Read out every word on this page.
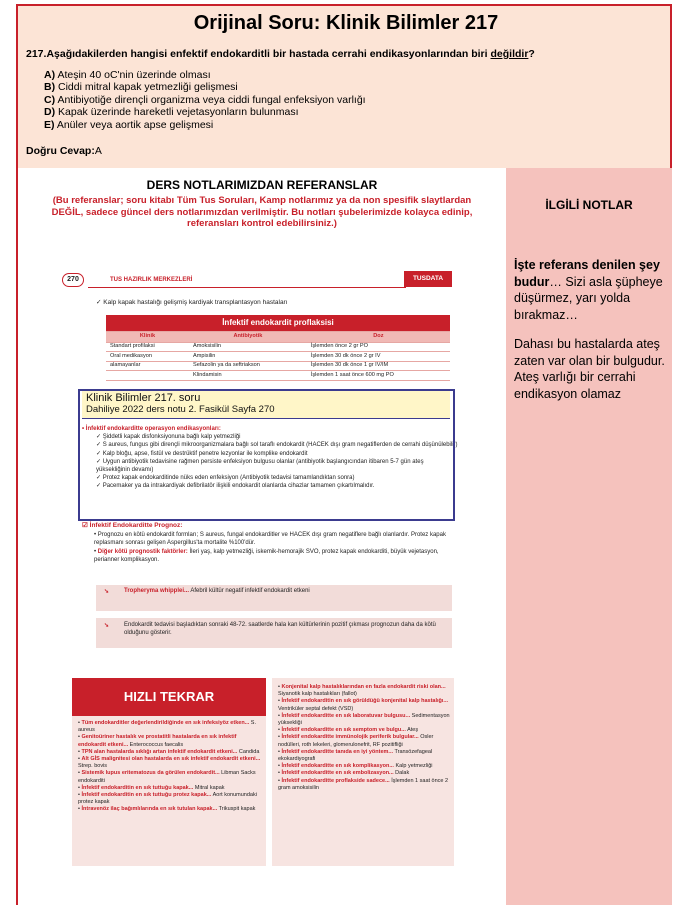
Orijinal Soru: Klinik Bilimler 217
217.Aşağıdakilerden hangisi enfektif endokarditli bir hastada cerrahi endikasyonlarından biri değildir?
A) Ateşin 40 oC'nin üzerinde olması
B) Ciddi mitral kapak yetmezliği gelişmesi
C) Antibiyotiğe dirençli organizma veya ciddi fungal enfeksiyon varlığı
D) Kapak üzerinde hareketli vejetasyonların bulunması
E) Anüler veya aortik apse gelişmesi
Doğru Cevap:A
DERS NOTLARIMIZDAN REFERANSLAR
(Bu referanslar; soru kitabı Tüm Tus Soruları, Kamp notlarımız ya da non spesifik slaytlardan DEĞİL, sadece güncel ders notlarımızdan verilmiştir. Bu notları şubelerimizde kolayca edinip, referansları kontrol edebilirsiniz.)
İLGİLİ NOTLAR
İşte referans denilen şey budur… Sizi asla şüpheye düşürmez, yarı yolda bırakmaz…
Dahası bu hastalarda ateş zaten var olan bir bulgudur. Ateş varlığı bir cerrahi endikasyon olamaz
270	TUS HAZIRLIK MERKEZLERİ	TUSDATA
✓ Kalp kapak hastalığı gelişmiş kardiyak transplantasyon hastaları
İnfektif endokardit proflaksisi		
Klinik	Antibiyotik	Doz
Standart profilaksi	Amoksisilin	İşlemden önce 2 gr PO
Oral medikasyon	Ampisilin	İşlemden 30 dk önce 2 gr IV
alamayanlar	Sefazolin ya da seftriakson	İşlemden 30 dk önce 1 gr IV/IM
	Klindamisin	İşlemden 1 saat önce 600 mg PO
• İnfektif endokarditte operasyon endikasyonları:
✓ Şiddetli kapak disfonksiyonuna bağlı kalp yetmezliği
✓ S aureus, fungus gibi dirençli mikroorganizmalara bağlı sol taraflı endokardit (HACEK dışı gram negatiflerden de cerrahi düşünülebilir)
✓ Kalp bloğu, apse, fistül ve destrüktif penetre lezyonlar ile komplike endokardit
✓ Uygun antibiyotik tedavisine rağmen persiste enfeksiyon bulgusu olanlar (antibiyotik başlangıcından itibaren 5-7 gün ateş yüksekliğinin devamı)
✓ Protez kapak endokarditinde nüks eden enfeksiyon (Antibiyotik tedavisi tamamlandıktan sonra)
✓ Pacemaker ya da intrakardiyak defibrilatör ilişkili endokardit olanlarda cihazlar tamamen çıkartılmalıdır.
☑ İnfektif Endokarditte Prognoz:
• Prognozu en kötü endokardit formları; S aureus, fungal endokarditler ve HACEK dışı gram negatiflere bağlı olanlardır. Protez kapak replasmanı sonrası gelişen Aspergillus'ta mortalite %100'dür.
• Diğer kötü prognostik faktörler: İleri yaş, kalp yetmezliği, iskemik-hemorajik SVO, protez kapak endokarditi, büyük vejetasyon, perianner komplikasyon.
➘ Tropheryma whipplei... Afebril kültür negatif infektif endokardit etkeni
➘ Endokardit tedavisi başladıktan sonraki 48-72. saatlerde hala kan kültürlerinin pozitif çıkması prognozun daha da kötü olduğunu gösterir.
HIZLI TEKRAR
• Tüm endokarditler değerlendirildiğinde en sık infeksiyöz etken... S. aureus
• Genitoüriner hastalık ve prostatitli hastalarda en sık infektif endokardit etkeni... Enterococcus faecalis
• TPN alan hastalarda sıklığı artan infektif endokardit etkeni... Candida
• Alt GİS malignitesi olan hastalarda en sık infektif endokardit etkeni... Strep. bovis
• Sistemik lupus eritematozus da görülen endokardit... Libman Sacks endokarditi
• İnfektif endokarditin en sık tuttuğu kapak... Mitral kapak
• İnfektif endokarditin en sık tuttuğu protez kapak... Aort konumundaki protez kapak
• İntravenöz ilaç bağımlılarında en sık tutulan kapak... Trikuspit kapak
• Konjenital kalp hastalıklarından en fazla endokardit riski olan... Siyanotik kalp hastalıkları (fallot)
• İnfektif endokarditin en sık görüldüğü konjenital kalp hastalığı... Ventriküler septal defekt (VSD)
• İnfektif endokarditte en sık laboratuvar bulgusu... Sedimentasyon yüksekliği
• İnfektif endokarditte en sık semptom ve bulgu... Ateş
• İnfektif endokarditte immünolojik periferik bulgular... Osler nodülleri, roth lekeleri, glomerulonefrit, RF pozitifliği
• İnfektif endokarditte tanıda en iyi yöntem... Transözefageal ekokardiyografi
• İnfektif endokarditte en sık komplikasyon... Kalp yetmezliği
• İnfektif endokarditte en sık embolizasyon... Dalak
• İnfektif endokarditte proflakside sadece... İşlemden 1 saat önce 2 gram amoksisilin
Klinik Bilimler 217. soru
Dahiliye 2022 ders notu 2. Fasikül Sayfa 270
